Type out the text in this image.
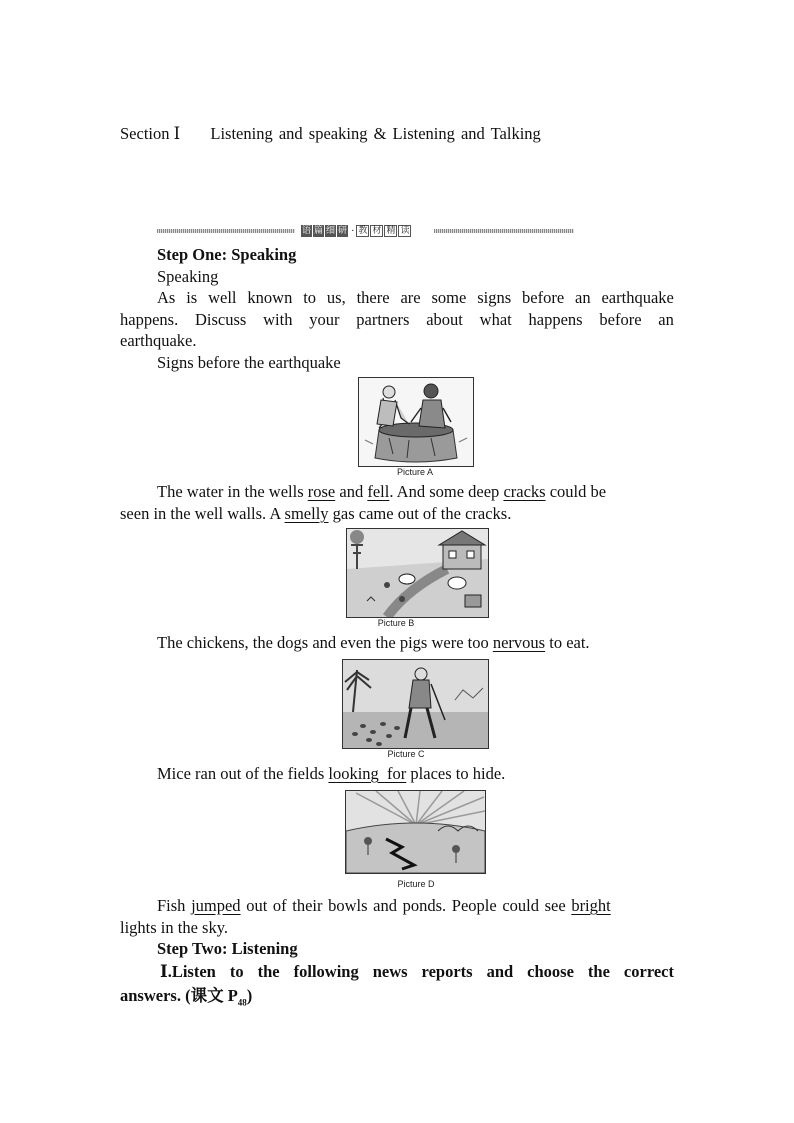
Section Ⅰ Listening and speaking & Listening and Talking
语 篇 细 研 · 教 材 精 读
Step One: Speaking
Speaking
As is well known to us, there are some signs before an earthquake
happens. Discuss with your partners about what happens before an
earthquake.
Signs before the earthquake
Picture A
The water in the wells rose and fell. And some deep cracks could be
seen in the well walls. A smelly gas came out of the cracks.
Picture B
The chickens, the dogs and even the pigs were too nervous to eat.
Picture C
Mice ran out of the fields looking  for places to hide.
Picture D
Fish jumped out of their bowls and ponds. People could see bright
lights in the sky.
Step Two: Listening
Ⅰ.Listen to the following news reports and choose the correct
answers. (课文 $P_{48}$)
